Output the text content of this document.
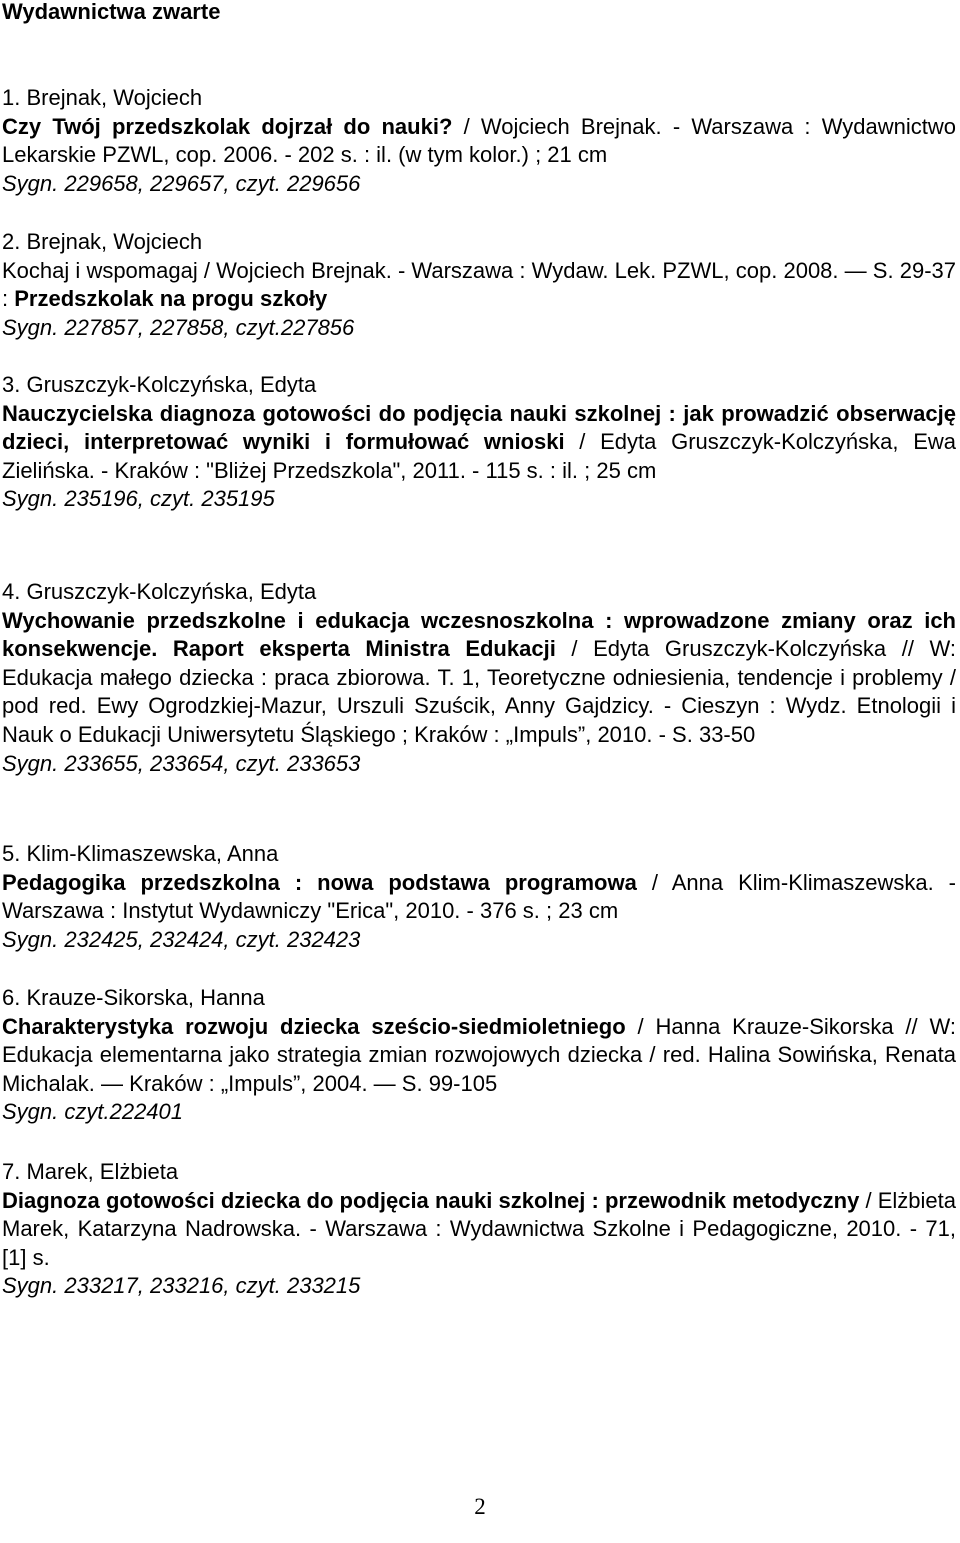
Wydawnictwa zwarte

1. Brejnak, Wojciech

Czy Twój przedszkolak dojrzał do nauki? / Wojciech Brejnak. - Warszawa : Wydawnictwo Lekarskie PZWL, cop. 2006. - 202 s. : il. (w tym kolor.) ; 21 cm

Sygn. 229658, 229657, czyt. 229656

2. Brejnak, Wojciech

Kochaj i wspomagaj / Wojciech Brejnak. - Warszawa : Wydaw. Lek. PZWL, cop. 2008. — S. 29-37 : Przedszkolak na progu szkoły

Sygn. 227857, 227858, czyt.227856

3. Gruszczyk-Kolczyńska, Edyta

Nauczycielska diagnoza gotowości do podjęcia nauki szkolnej : jak prowadzić obserwację dzieci, interpretować wyniki i formułować wnioski / Edyta Gruszczyk-Kolczyńska, Ewa Zielińska. - Kraków : "Bliżej Przedszkola", 2011. - 115 s. : il. ; 25 cm

Sygn. 235196, czyt. 235195

4. Gruszczyk-Kolczyńska, Edyta

Wychowanie przedszkolne i edukacja wczesnoszkolna : wprowadzone zmiany oraz ich konsekwencje. Raport eksperta Ministra Edukacji / Edyta Gruszczyk-Kolczyńska // W: Edukacja małego dziecka : praca zbiorowa. T. 1, Teoretyczne odniesienia, tendencje i problemy / pod red. Ewy Ogrodzkiej-Mazur, Urszuli Szuścik, Anny Gajdzicy. - Cieszyn : Wydz. Etnologii i Nauk o Edukacji Uniwersytetu Śląskiego ; Kraków : „Impuls”, 2010. - S. 33-50

Sygn. 233655, 233654, czyt. 233653

5. Klim-Klimaszewska, Anna

Pedagogika przedszkolna : nowa podstawa programowa / Anna Klim-Klimaszewska. - Warszawa : Instytut Wydawniczy "Erica", 2010. - 376 s. ; 23 cm

Sygn. 232425, 232424, czyt. 232423

6. Krauze-Sikorska, Hanna

Charakterystyka rozwoju dziecka sześcio-siedmioletniego / Hanna Krauze-Sikorska // W: Edukacja elementarna jako strategia zmian rozwojowych dziecka / red. Halina Sowińska, Renata Michalak. — Kraków : „Impuls”, 2004. — S. 99-105

Sygn. czyt.222401

7. Marek, Elżbieta

Diagnoza gotowości dziecka do podjęcia nauki szkolnej : przewodnik metodyczny / Elżbieta Marek, Katarzyna Nadrowska. - Warszawa : Wydawnictwa Szkolne i Pedagogiczne, 2010. - 71, [1] s.

Sygn. 233217, 233216, czyt. 233215

2
